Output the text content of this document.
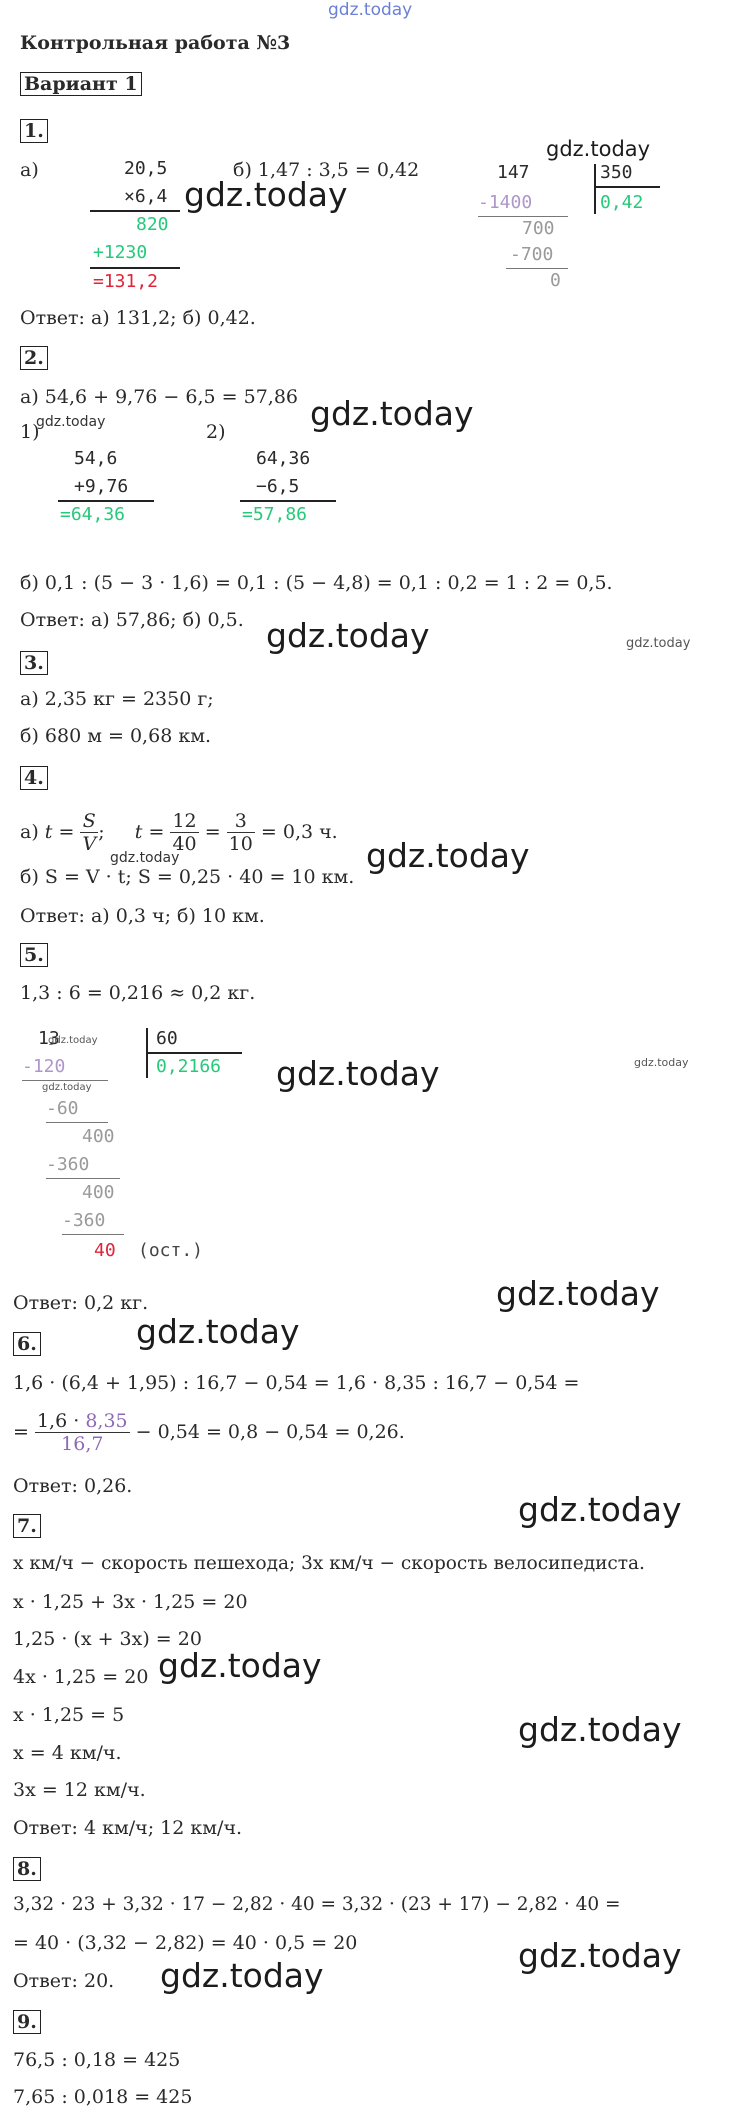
gdz.today
Контрольная работа №3
Вариант 1
1.
а)	20,5
×6,4
820
+1230
=131,2
б) 1,47 : 3,5 = 0,42
gdz.today
147	350
0,42
-1400
700
-700
0
gdz.today
Ответ: а) 131,2; б) 0,42.
2.
а) 54,6 + 9,76 − 6,5 = 57,86
1)
gdz.today
54,6
+9,76
=64,36
2)
64,36
−6,5
=57,86
gdz.today
б) 0,1 : (5 − 3 · 1,6) = 0,1 : (5 − 4,8) = 0,1 : 0,2 = 1 : 2 = 0,5.
Ответ: а) 57,86; б) 0,5. gdz.today	gdz.today
3.
а) 2,35 кг = 2350 г;
б) 680 м = 0,68 км.
4.
а)
t
=
$\frac{S}{V}$ ; t
=
$\frac{12}{40}$
=
$\frac{3}{10}$
= 0,3 ч.
gdz.today
б) S = V · t; S = 0,25 · 40 = 10 км.
gdz.today
Ответ: а) 0,3 ч; б) 10 км.
5.
1,3 : 6 = 0,216 ≈ 0,2 кг.
13
gdz.today	60
0,2166
-120
gdz.today
-60
400
-360
400
-360
40 (ост.)
gdz.today	gdz.today
Ответ: 0,2 кг.	gdz.today
gdz.today
6.
1,6 · (6,4 + 1,95) : 16,7 − 0,54 = 1,6 · 8,35 : 16,7 − 0,54 =
=
$\frac{1,6 \cdot 8,35}{16,7}$
− 0,54 = 0,8 − 0,54 = 0,26.
Ответ: 0,26.
gdz.today
7.
x км/ч − скорость пешехода; 3x км/ч − скорость велосипедиста.
x · 1,25 + 3x · 1,25 = 20
1,25 · (x + 3x) = 20
gdz.today
4x · 1,25 = 20
x · 1,25 = 5	gdz.today
x = 4 км/ч.
3x = 12 км/ч.
Ответ: 4 км/ч; 12 км/ч.
8.
3,32 · 23 + 3,32 · 17 − 2,82 · 40 = 3,32 · (23 + 17) − 2,82 · 40 =
= 40 · (3,32 − 2,82) = 40 · 0,5 = 20	gdz.today
gdz.today
Ответ: 20.
9.
76,5 : 0,18 = 425
7,65 : 0,018 = 425
